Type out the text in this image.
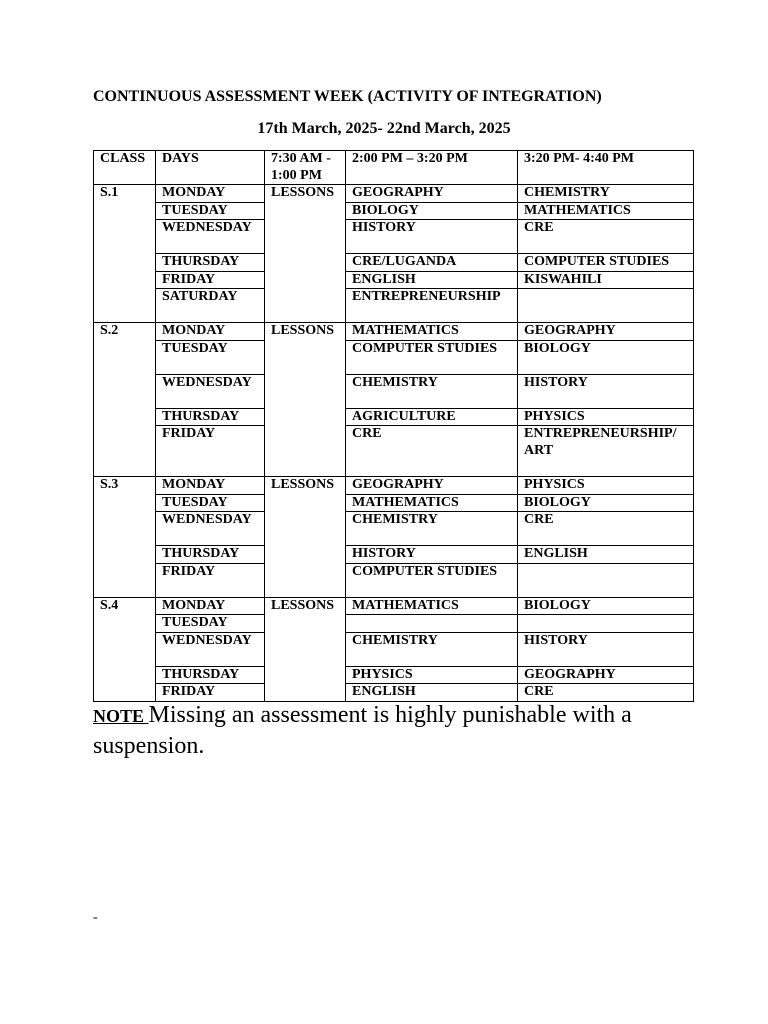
CONTINUOUS ASSESSMENT WEEK (ACTIVITY OF INTEGRATION)
17th March, 2025- 22nd March, 2025
CLASS	DAYS	7:30 AM - 1:00 PM	2:00 PM – 3:20 PM	3:20 PM- 4:40 PM
S.1	MONDAY	LESSONS	GEOGRAPHY	CHEMISTRY
	TUESDAY		BIOLOGY	MATHEMATICS
	WEDNESDAY		HISTORY	CRE
	THURSDAY		CRE/LUGANDA	COMPUTER STUDIES
	FRIDAY		ENGLISH	KISWAHILI
	SATURDAY		ENTREPRENEURSHIP	
S.2	MONDAY	LESSONS	MATHEMATICS	GEOGRAPHY
	TUESDAY		COMPUTER STUDIES	BIOLOGY
	WEDNESDAY		CHEMISTRY	HISTORY
	THURSDAY		AGRICULTURE	PHYSICS
	FRIDAY		CRE	ENTREPRENEURSHIP/ ART
S.3	MONDAY	LESSONS	GEOGRAPHY	PHYSICS
	TUESDAY		MATHEMATICS	BIOLOGY
	WEDNESDAY		CHEMISTRY	CRE
	THURSDAY		HISTORY	ENGLISH
	FRIDAY		COMPUTER STUDIES	
S.4	MONDAY	LESSONS	MATHEMATICS	BIOLOGY
	TUESDAY			
	WEDNESDAY		CHEMISTRY	HISTORY
	THURSDAY		PHYSICS	GEOGRAPHY
	FRIDAY		ENGLISH	CRE
NOTE Missing an assessment is highly punishable with a suspension.
-
